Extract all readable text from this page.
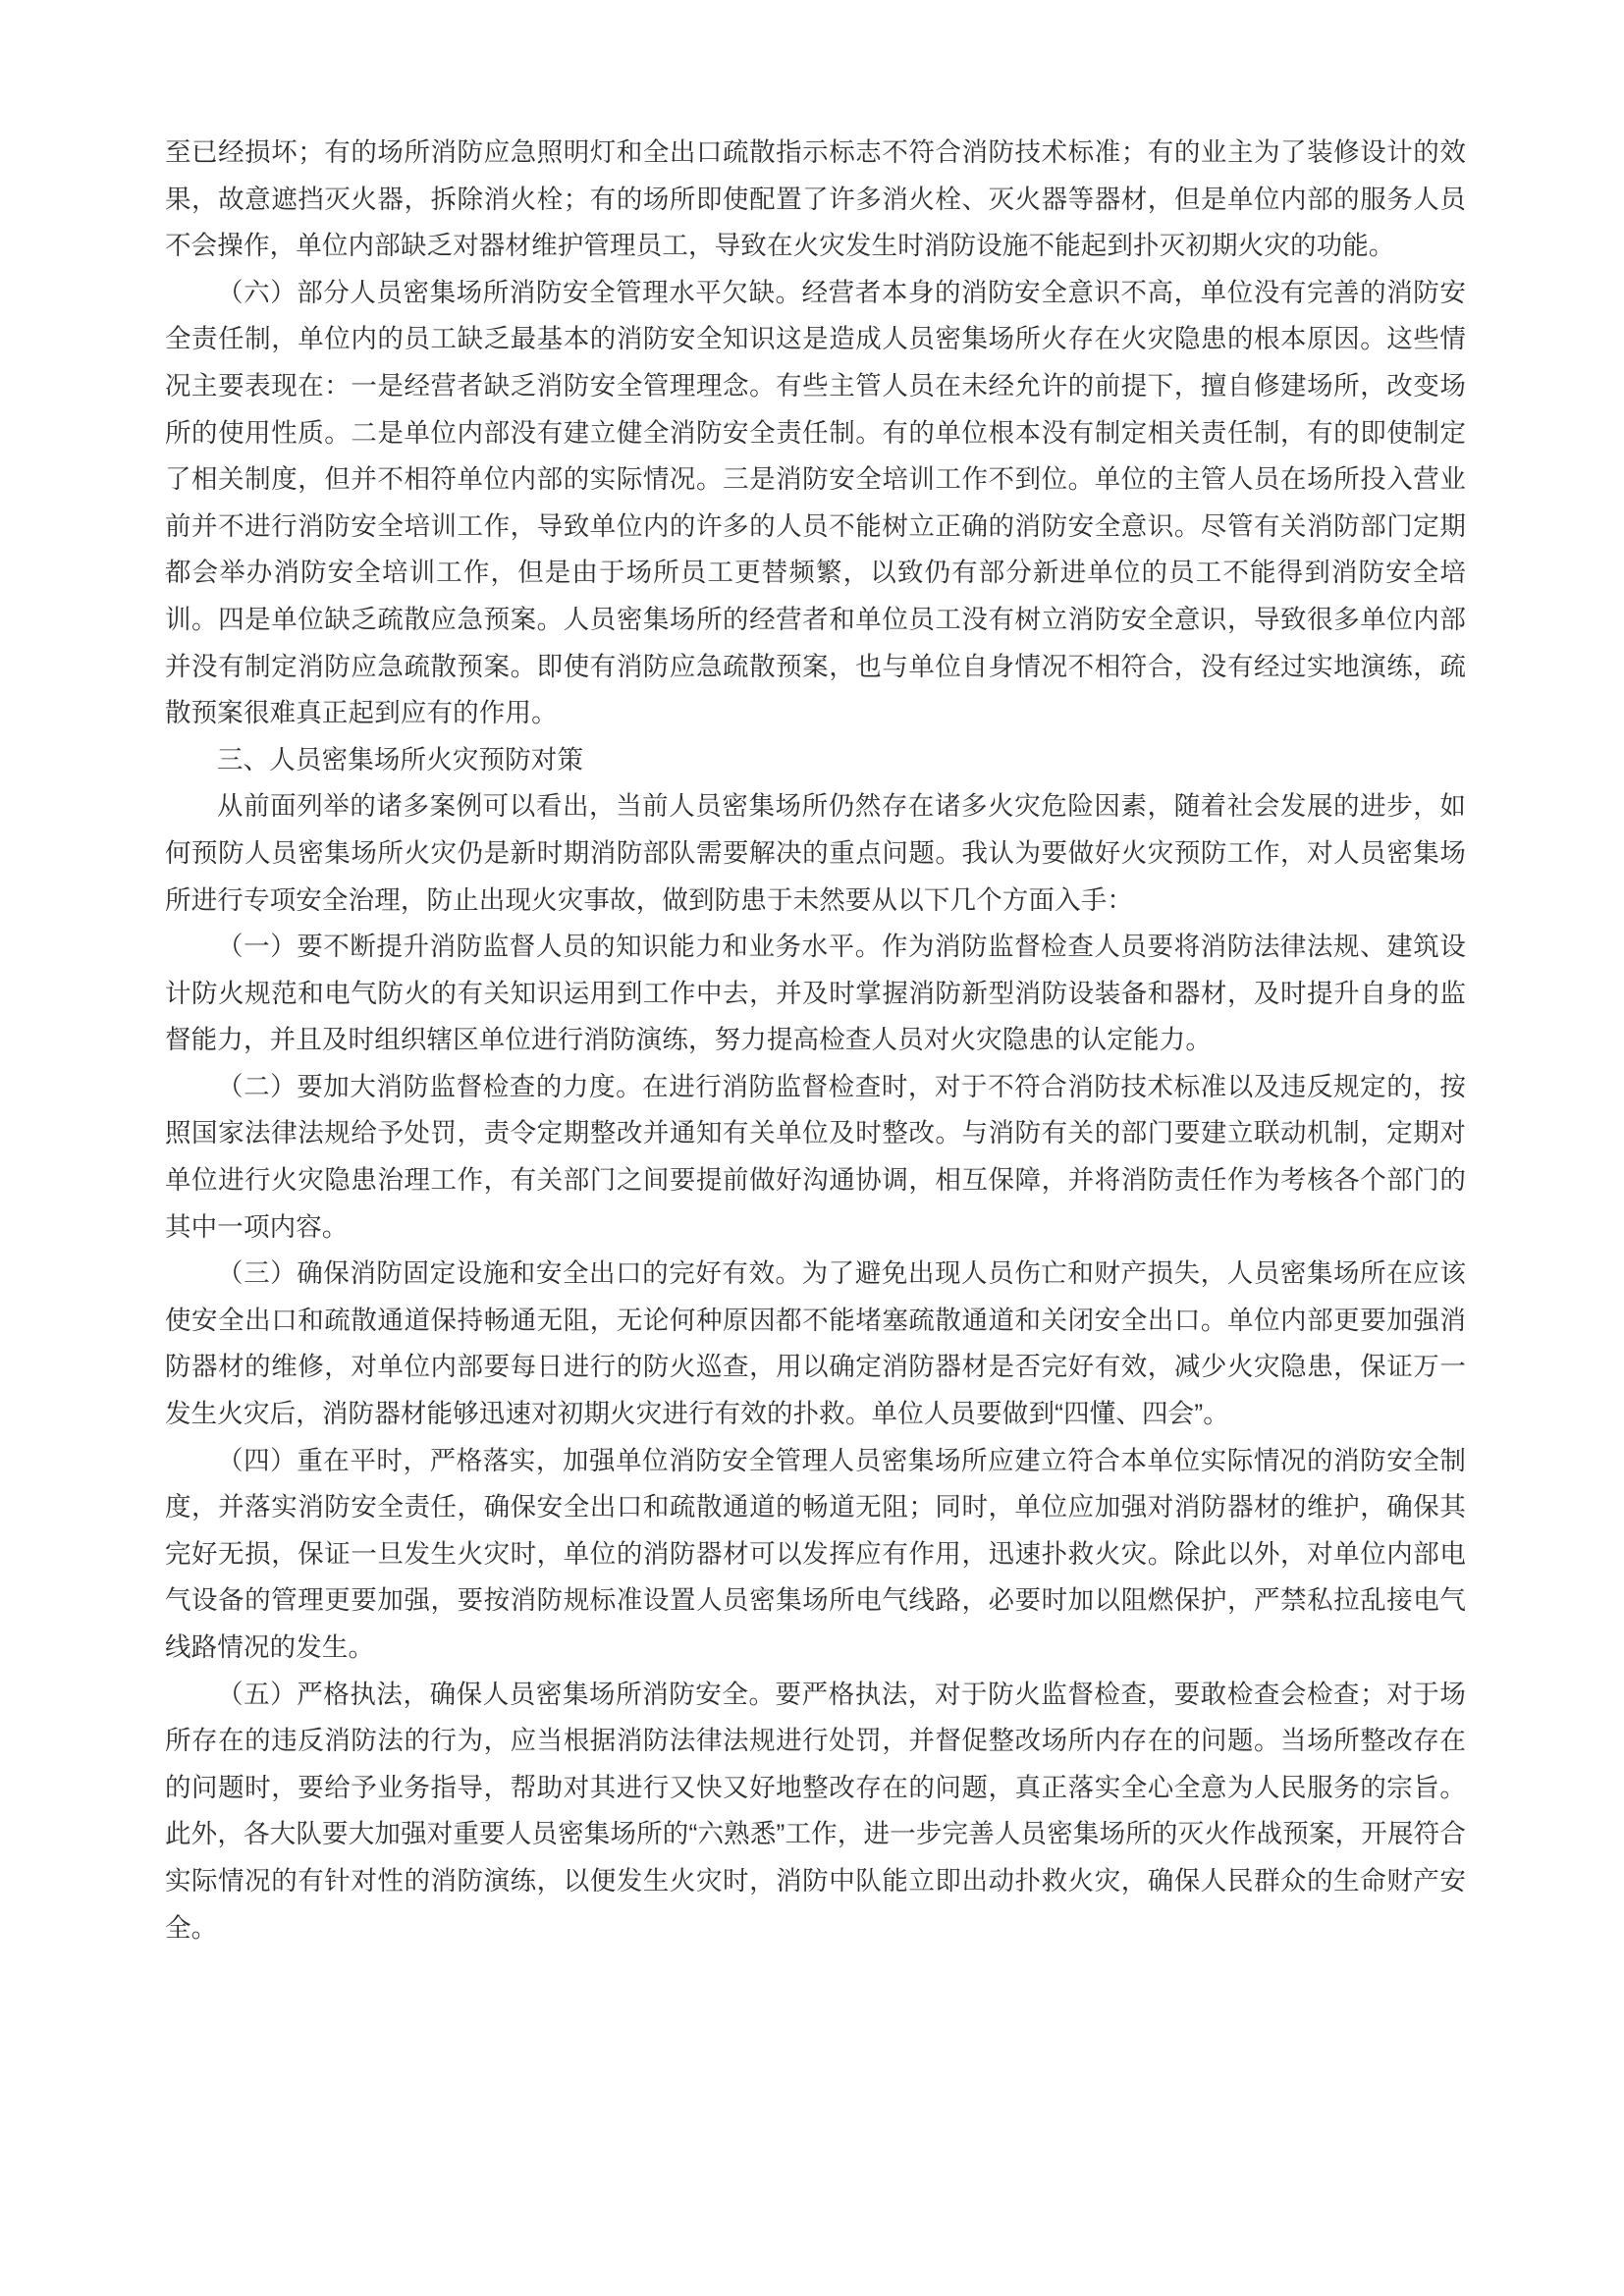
至已经损坏；有的场所消防应急照明灯和全出口疏散指示标志不符合消防技术标准；有的业主为了装修设计的效果，故意遮挡灭火器，拆除消火栓；有的场所即使配置了许多消火栓、灭火器等器材，但是单位内部的服务人员不会操作，单位内部缺乏对器材维护管理员工，导致在火灾发生时消防设施不能起到扑灭初期火灾的功能。

（六）部分人员密集场所消防安全管理水平欠缺。经营者本身的消防安全意识不高，单位没有完善的消防安全责任制，单位内的员工缺乏最基本的消防安全知识这是造成人员密集场所火存在火灾隐患的根本原因。这些情况主要表现在：一是经营者缺乏消防安全管理理念。有些主管人员在未经允许的前提下，擅自修建场所，改变场所的使用性质。二是单位内部没有建立健全消防安全责任制。有的单位根本没有制定相关责任制，有的即使制定了相关制度，但并不相符单位内部的实际情况。三是消防安全培训工作不到位。单位的主管人员在场所投入营业前并不进行消防安全培训工作，导致单位内的许多的人员不能树立正确的消防安全意识。尽管有关消防部门定期都会举办消防安全培训工作，但是由于场所员工更替频繁，以致仍有部分新进单位的员工不能得到消防安全培训。四是单位缺乏疏散应急预案。人员密集场所的经营者和单位员工没有树立消防安全意识，导致很多单位内部并没有制定消防应急疏散预案。即使有消防应急疏散预案，也与单位自身情况不相符合，没有经过实地演练，疏散预案很难真正起到应有的作用。

三、人员密集场所火灾预防对策

从前面列举的诸多案例可以看出，当前人员密集场所仍然存在诸多火灾危险因素，随着社会发展的进步，如何预防人员密集场所火灾仍是新时期消防部队需要解决的重点问题。我认为要做好火灾预防工作，对人员密集场所进行专项安全治理，防止出现火灾事故，做到防患于未然要从以下几个方面入手：

（一）要不断提升消防监督人员的知识能力和业务水平。作为消防监督检查人员要将消防法律法规、建筑设计防火规范和电气防火的有关知识运用到工作中去，并及时掌握消防新型消防设装备和器材，及时提升自身的监督能力，并且及时组织辖区单位进行消防演练，努力提高检查人员对火灾隐患的认定能力。

（二）要加大消防监督检查的力度。在进行消防监督检查时，对于不符合消防技术标准以及违反规定的，按照国家法律法规给予处罚，责令定期整改并通知有关单位及时整改。与消防有关的部门要建立联动机制，定期对单位进行火灾隐患治理工作，有关部门之间要提前做好沟通协调，相互保障，并将消防责任作为考核各个部门的其中一项内容。

（三）确保消防固定设施和安全出口的完好有效。为了避免出现人员伤亡和财产损失，人员密集场所在应该使安全出口和疏散通道保持畅通无阻，无论何种原因都不能堵塞疏散通道和关闭安全出口。单位内部更要加强消防器材的维修，对单位内部要每日进行的防火巡查，用以确定消防器材是否完好有效，减少火灾隐患，保证万一发生火灾后，消防器材能够迅速对初期火灾进行有效的扑救。单位人员要做到“四懂、四会”。

（四）重在平时，严格落实，加强单位消防安全管理人员密集场所应建立符合本单位实际情况的消防安全制度，并落实消防安全责任，确保安全出口和疏散通道的畅道无阻；同时，单位应加强对消防器材的维护，确保其完好无损，保证一旦发生火灾时，单位的消防器材可以发挥应有作用，迅速扑救火灾。除此以外，对单位内部电气设备的管理更要加强，要按消防规标准设置人员密集场所电气线路，必要时加以阻燃保护，严禁私拉乱接电气线路情况的发生。

（五）严格执法，确保人员密集场所消防安全。要严格执法，对于防火监督检查，要敢检查会检查；对于场所存在的违反消防法的行为，应当根据消防法律法规进行处罚，并督促整改场所内存在的问题。当场所整改存在的问题时，要给予业务指导，帮助对其进行又快又好地整改存在的问题，真正落实全心全意为人民服务的宗旨。此外，各大队要大加强对重要人员密集场所的“六熟悉”工作，进一步完善人员密集场所的灭火作战预案，开展符合实际情况的有针对性的消防演练，以便发生火灾时，消防中队能立即出动扑救火灾，确保人民群众的生命财产安全。
